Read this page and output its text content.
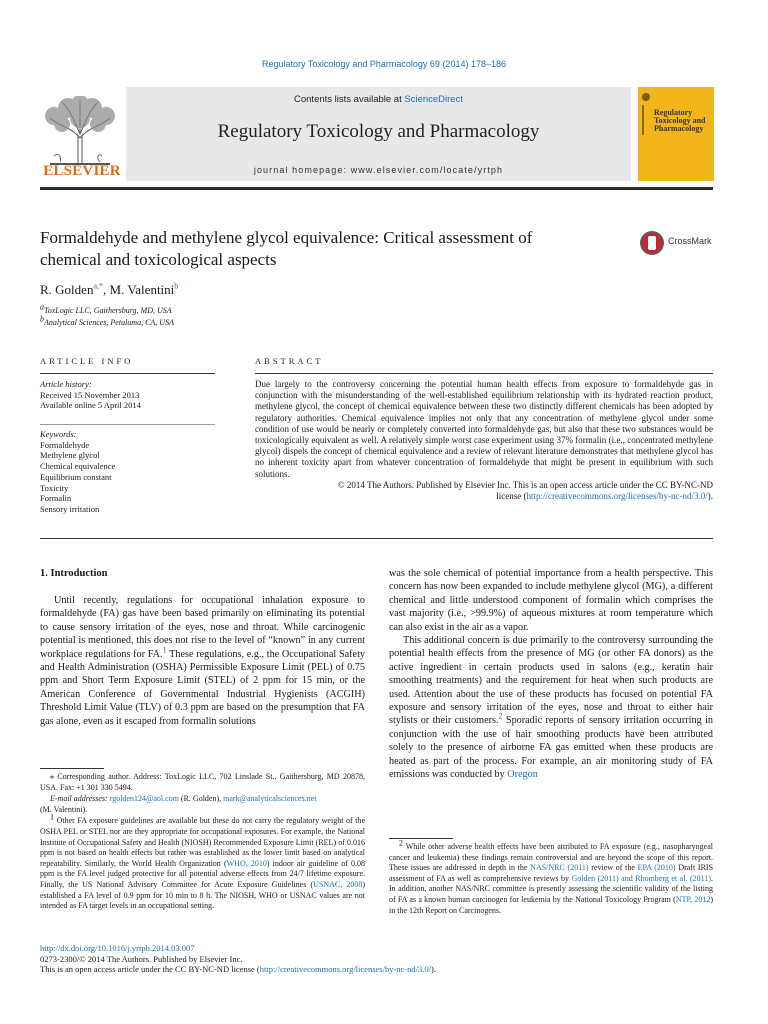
Regulatory Toxicology and Pharmacology 69 (2014) 178–186
ELSEVIER
Contents lists available at ScienceDirect
Regulatory Toxicology and Pharmacology
journal homepage: www.elsevier.com/locate/yrtph
Regulatory Toxicology and Pharmacology
Formaldehyde and methylene glycol equivalence: Critical assessment of chemical and toxicological aspects
CrossMark
R. Golden$^{a,*}$, M. Valentini$^b$
$^a$ToxLogic LLC, Gaithersburg, MD, USA
$^b$Analytical Sciences, Petaluma, CA, USA
ARTICLE INFO
Article history:
Received 15 November 2013
Available online 5 April 2014
Keywords:
Formaldehyde
Methylene glycol
Chemical equivalence
Equilibrium constant
Toxicity
Formalin
Sensory irritation
ABSTRACT
Due largely to the controversy concerning the potential human health effects from exposure to formaldehyde gas in conjunction with the misunderstanding of the well-established equilibrium relationship with its hydrated reaction product, methylene glycol, the concept of chemical equivalence between these two distinctly different chemicals has been adopted by regulatory authorities. Chemical equivalence implies not only that any concentration of methylene glycol under some condition of use would be nearly or completely converted into formaldehyde gas, but also that these two substances would be toxicologically equivalent as well. A relatively simple worst case experiment using 37% formalin (i.e., concentrated methylene glycol) dispels the concept of chemical equivalence and a review of relevant literature demonstrates that methylene glycol has no inherent toxicity apart from whatever concentration of formaldehyde that might be present in equilibrium with such solutions.
© 2014 The Authors. Published by Elsevier Inc. This is an open access article under the CC BY-NC-ND
license (http://creativecommons.org/licenses/by-nc-nd/3.0/).
1. Introduction

Until recently, regulations for occupational inhalation exposure to formaldehyde (FA) gas have been based primarily on eliminating its potential to cause sensory irritation of the eyes, nose and throat. While carcinogenic potential is mentioned, this does not rise to the level of “known” in any current workplace regulations for FA.$^1$ These regulations, e.g., the Occupational Safety and Health Administration (OSHA) Permissible Exposure Limit (PEL) of 0.75 ppm and Short Term Exposure Limit (STEL) of 2 ppm for 15 min, or the American Conference of Governmental Industrial Hygienists (ACGIH) Threshold Limit Value (TLV) of 0.3 ppm are based on the presumption that FA gas alone, even as it escaped from formalin solutions

was the sole chemical of potential importance from a health perspective. This concern has now been expanded to include methylene glycol (MG), a different chemical and little understood component of formalin which comprises the vast majority (i.e., >99.9%) of aqueous mixtures at room temperature which can also exist in the air as a vapor.

This additional concern is due primarily to the controversy surrounding the potential health effects from the presence of MG (or other FA donors) as the active ingredient in certain products used in salons (e.g., keratin hair smoothing treatments) and the requirement for heat when such products are used. Attention about the use of these products has focused on potential FA exposure and sensory irritation of the eyes, nose and throat to either hair stylists or their customers.$^2$ Sporadic reports of sensory irritation occurring in conjunction with the use of hair smoothing products have been attributed solely to the presence of airborne FA gas emitted when these products are heated as part of the process. For example, an air monitoring study of FA emissions was conducted by Oregon

⁎ Corresponding author. Address: ToxLogic LLC, 702 Linslade St., Gaithersburg, MD 20878, USA. Fax: +1 301 330 5494.

E-mail addresses: rgolden124@aol.com (R. Golden), mark@analyticalsciences.net
(M. Valentini).

$^1$ Other FA exposure guidelines are available but these do not carry the regulatory weight of the OSHA PEL or STEL nor are they appropriate for occupational exposures. For example, the National Institute of Occupational Safety and Health (NIOSH) Recommended Exposure Limit (REL) of 0.016 ppm is not based on health effects but rather was established as the lower limit based on analytical repeatability. Similarly, the World Health Organization (WHO, 2010) indoor air guideline of 0.08 ppm is the FA level judged protective for all potential adverse effects from 24/7 lifetime exposure. Finally, the US National Advisory Committee for Acute Exposure Guidelines (USNAC, 2008) established a FA level of 0.9 ppm for 10 min to 8 h. The NIOSH, WHO or USNAC values are not intended as FA target levels in an occupational setting.

$^2$ While other adverse health effects have been attributed to FA exposure (e.g., nasopharyngeal cancer and leukemia) these findings remain controversial and are beyond the scope of this report. These issues are addressed in depth in the NAS/NRC (2011) review of the EPA (2010) Draft IRIS assessment of FA as well as comprehensive reviews by Golden (2011) and Rhomberg et al. (2011). In addition, another NAS/NRC committee is presently assessing the scientific validity of the listing of FA as a known human carcinogen for leukemia by the National Toxicology Program (NTP, 2012) in the 12th Report on Carcinogens.

http://dx.doi.org/10.1016/j.yrtph.2014.03.007
0273-2300/© 2014 The Authors. Published by Elsevier Inc.
This is an open access article under the CC BY-NC-ND license (http://creativecommons.org/licenses/by-nc-nd/3.0/).
